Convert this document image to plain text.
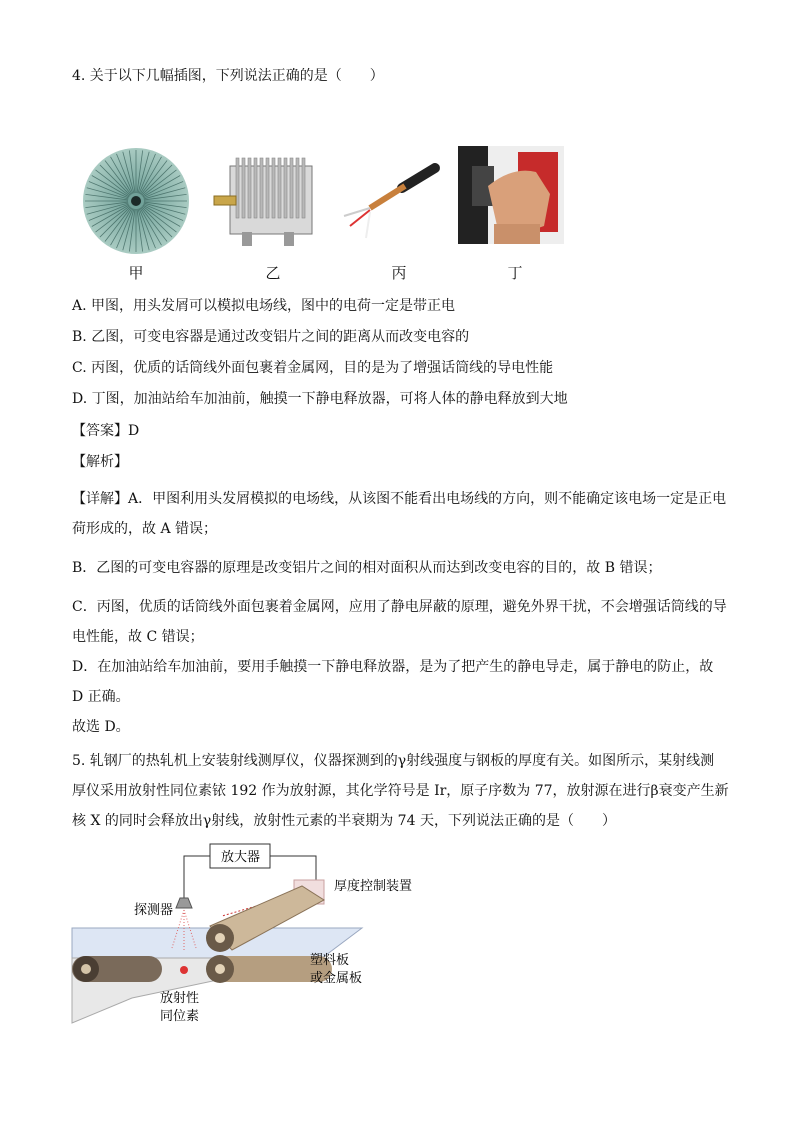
4. 关于以下几幅插图，下列说法正确的是（　　）
甲	乙	丙	丁
A. 甲图，用头发屑可以模拟电场线，图中的电荷一定是带正电
B. 乙图，可变电容器是通过改变铝片之间的距离从而改变电容的
C. 丙图，优质的话筒线外面包裹着金属网，目的是为了增强话筒线的导电性能
D. 丁图，加油站给车加油前，触摸一下静电释放器，可将人体的静电释放到大地
【答案】D
【解析】
【详解】A．甲图利用头发屑模拟的电场线，从该图不能看出电场线的方向，则不能确定该电场一定是正电
荷形成的，故 A 错误；
B．乙图的可变电容器的原理是改变铝片之间的相对面积从而达到改变电容的目的，故 B 错误；
C．丙图，优质的话筒线外面包裹着金属网，应用了静电屏蔽的原理，避免外界干扰，不会增强话筒线的导
电性能，故 C 错误；
D．在加油站给车加油前，要用手触摸一下静电释放器，是为了把产生的静电导走，属于静电的防止，故
D 正确。
故选 D。
5. 轧钢厂的热轧机上安装射线测厚仪，仪器探测到的γ射线强度与钢板的厚度有关。如图所示，某射线测
厚仪采用放射性同位素铱 192 作为放射源，其化学符号是 Ir，原子序数为 77，放射源在进行β衰变产生新
核 X 的同时会释放出γ射线，放射性元素的半衰期为 74 天，下列说法正确的是（　　）
放大器
厚度控制装置
探测器
放射性
同位素
塑料板
或金属板
